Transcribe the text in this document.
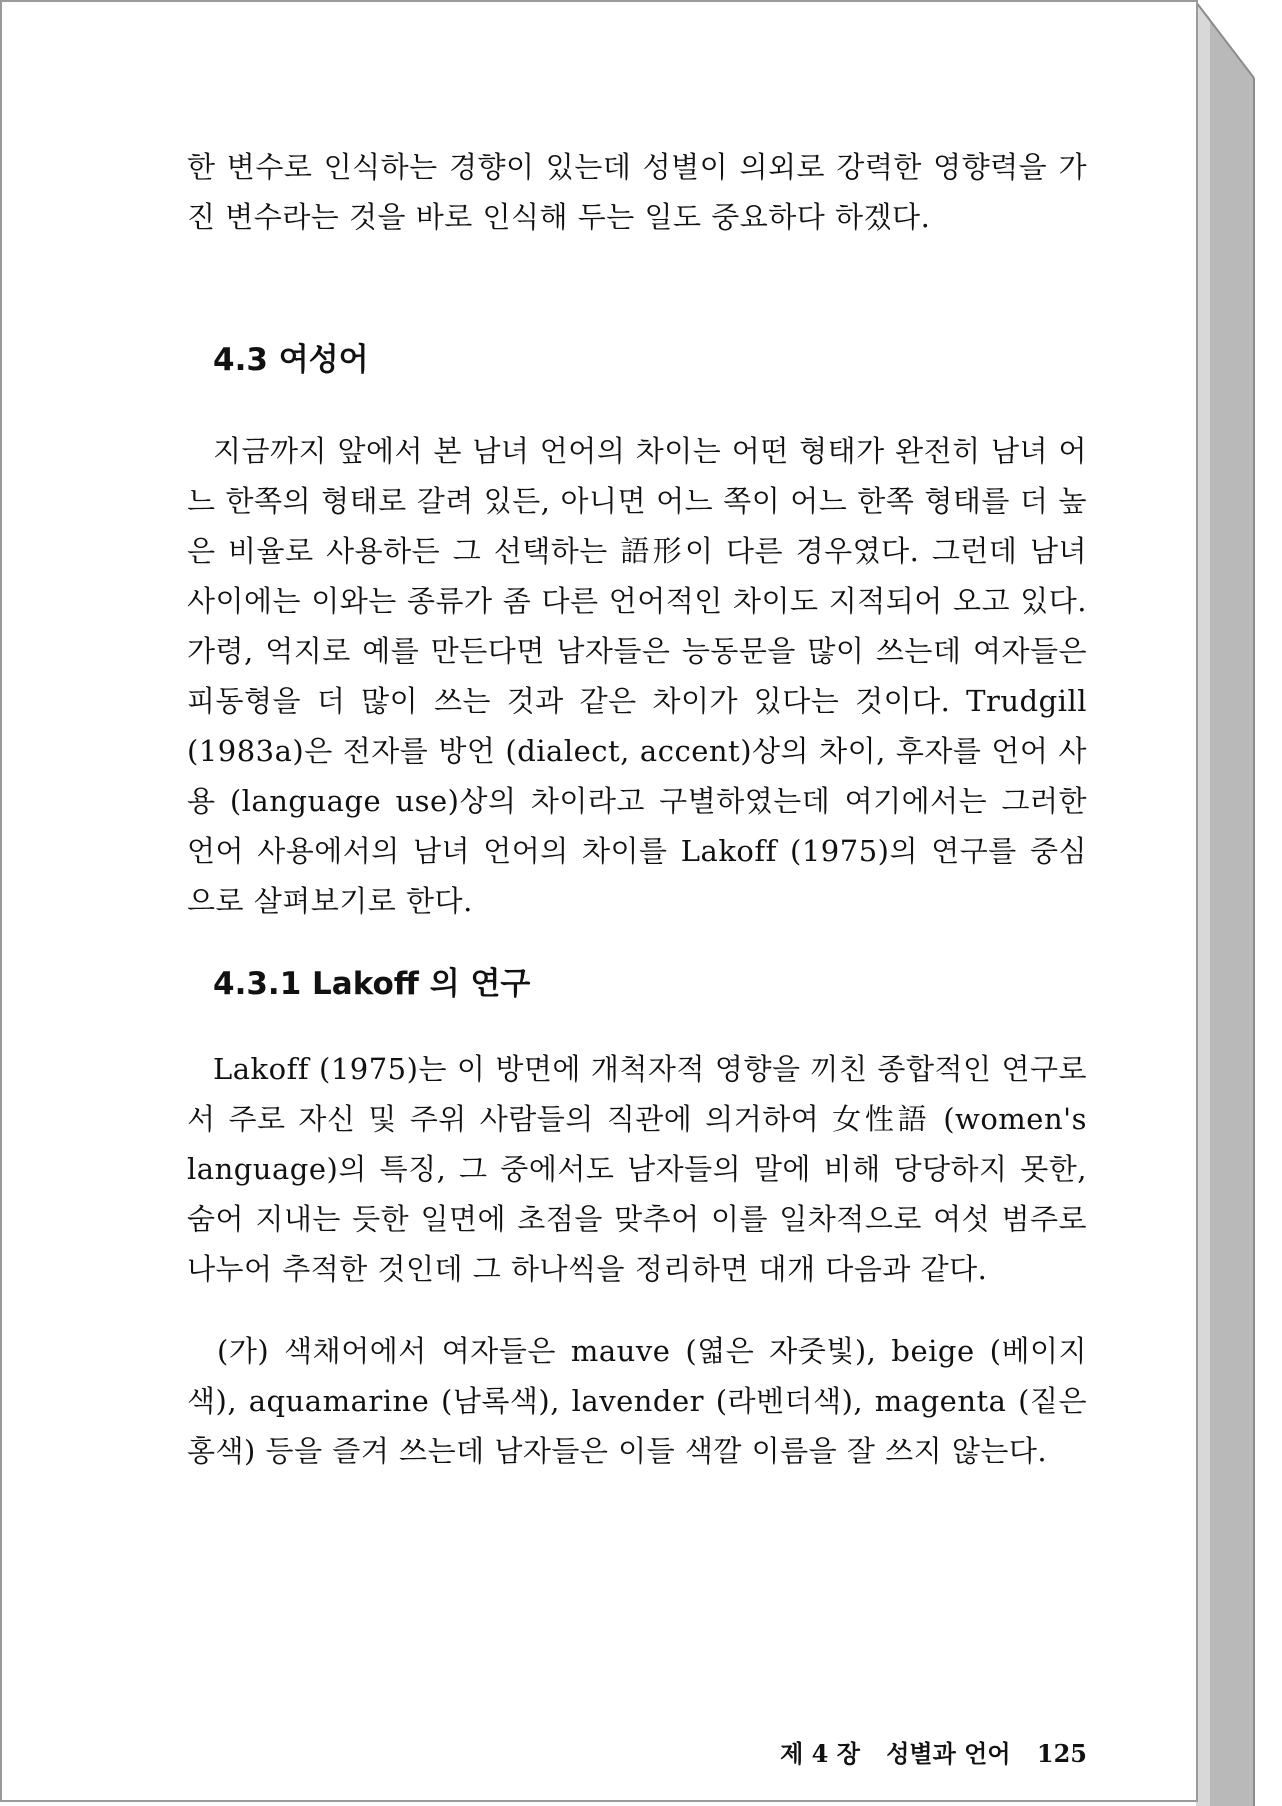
한 변수로 인식하는 경향이 있는데 성별이 의외로 강력한 영향력을 가진 변수라는 것을 바로 인식해 두는 일도 중요하다 하겠다.

4.3 여성어

지금까지 앞에서 본 남녀 언어의 차이는 어떤 형태가 완전히 남녀 어느 한쪽의 형태로 갈려 있든, 아니면 어느 쪽이 어느 한쪽 형태를 더 높은 비율로 사용하든 그 선택하는 語形이 다른 경우였다. 그런데 남녀 사이에는 이와는 종류가 좀 다른 언어적인 차이도 지적되어 오고 있다. 가령, 억지로 예를 만든다면 남자들은 능동문을 많이 쓰는데 여자들은 피동형을 더 많이 쓰는 것과 같은 차이가 있다는 것이다. Trudgill (1983a)은 전자를 방언 (dialect, accent)상의 차이, 후자를 언어 사용 (language use)상의 차이라고 구별하였는데 여기에서는 그러한 언어 사용에서의 남녀 언어의 차이를 Lakoff (1975)의 연구를 중심으로 살펴보기로 한다.

4.3.1 Lakoff 의 연구

Lakoff (1975)는 이 방면에 개척자적 영향을 끼친 종합적인 연구로서 주로 자신 및 주위 사람들의 직관에 의거하여 女性語 (women's language)의 특징, 그 중에서도 남자들의 말에 비해 당당하지 못한, 숨어 지내는 듯한 일면에 초점을 맞추어 이를 일차적으로 여섯 범주로 나누어 추적한 것인데 그 하나씩을 정리하면 대개 다음과 같다.

(가) 색채어에서 여자들은 mauve (엷은 자줏빛), beige (베이지색), aquamarine (남록색), lavender (라벤더색), magenta (짙은 홍색) 등을 즐겨 쓰는데 남자들은 이들 색깔 이름을 잘 쓰지 않는다.

제 4 장 성별과 언어 125
